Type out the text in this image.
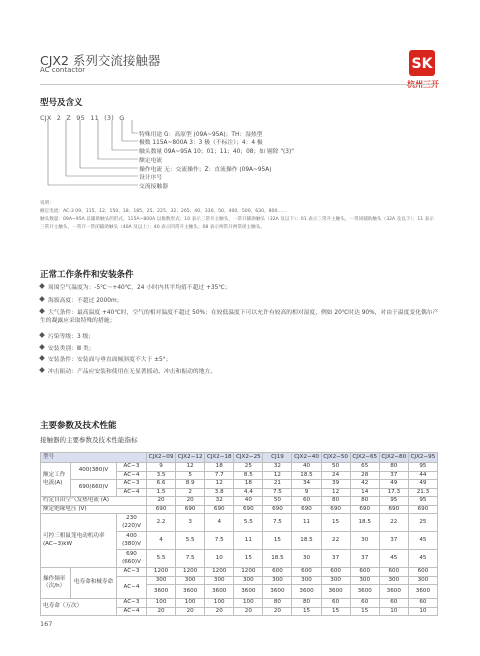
CJX2 系列交流接触器
AC contactor	SK
杭州三开
型号及含义
CJX 2 Z 95 11 (3) G
特殊用途 G：高原型 (09A~95A)；TH：湿热型
极数 115A~800A 3：3 极（不标注）；4：4 极
触头数量 09A~95A 10；01；11；40；08；如 剔除 "(3)"
额定电流
操作电流 无：交流操作；Z：直流操作 (09A~95A)
设计序号
交流接触器
说明：
额定电流：AC-3 09、115、12、150、18、185、25、225、32；265、40、330、50、400、500、630、800……
触头数量：09A~95A 以辅助触头的形式，115A~800A 以极数形式；10 表示三常开主触头，一常开辅助触头（32A 及以下）；01 表示三常开主触头，一常闭辅助触头（32A 及以下）；11 表示三常开主触头，一常开一常闭辅助触头（40A 及以上）；40 表示四常开主触头；08 表示两常开两常闭主触头。
正常工作条件和安装条件
周围空气温度为：-5℃～+40℃，24 小时内其平均值不超过 +35℃；
海拔高度：不超过 2000m；
大气条件：最高温度 +40℃时，空气的相对温度不超过 50%；在较低温度下可以允许有较高的相对湿度，例如 20℃时达 90%，对由于温度变化偶尔产生的凝露应采取特殊的措施；
污染等级：3 级；
安装类别：Ⅲ 类；
安装条件：安装面与垂直面倾斜度不大于 ±5°；
冲击振动：产品应安装和使用在无显著摇动、冲击和振动的地方。
主要参数及技术性能
接触器的主要参数及技术性能指标
型号			CJX2−09	CJX2−12	CJX2−18	CJX2−25	CJ19	CJX2−40	CJX2−50	CJX2−65	CJX2−80	CJX2−95
额定工作电流(A)	400(380)V	AC−3	9	12	18	25	32	40	50	65	80	95
		AC−4	3.5	5	7.7	8.5	12	18.5	24	28	37	44
	690(660)V	AC−3	6.6	8.9	12	18	21	34	39	42	49	49
		AC−4	1.5	2	3.8	4.4	7.5	9	12	14	17.3	21.3
约定自由空气发热电流 (A)			20	20	32	40	50	60	80	80	95	95
额定绝缘电压 (V)			690	690	690	690	690	690	690	690	690	690
可控三相鼠笼电动机功率 (AC−3)kW		230 (220)V	2.2	3	4	5.5	7.5	11	15	18.5	22	25
		400 (380)V	4	5.5	7.5	11	15	18.5	22	30	37	45
		690 (660)V	5.5	7.5	10	15	18.5	30	37	37	45	45
操作频率（次/h）	电寿命和械寿命	AC−3	1200	1200	1200	1200	600	600	600	600	600	600
		AC−4	300	300	300	300	300	300	300	300	300	300
			3600	3600	3600	3600	3600	3600	3600	3600	3600	3600
电寿命（万次）		AC−3	100	100	100	100	80	80	60	60	60	60
		AC−4	20	20	20	20	20	15	15	15	10	10
167
